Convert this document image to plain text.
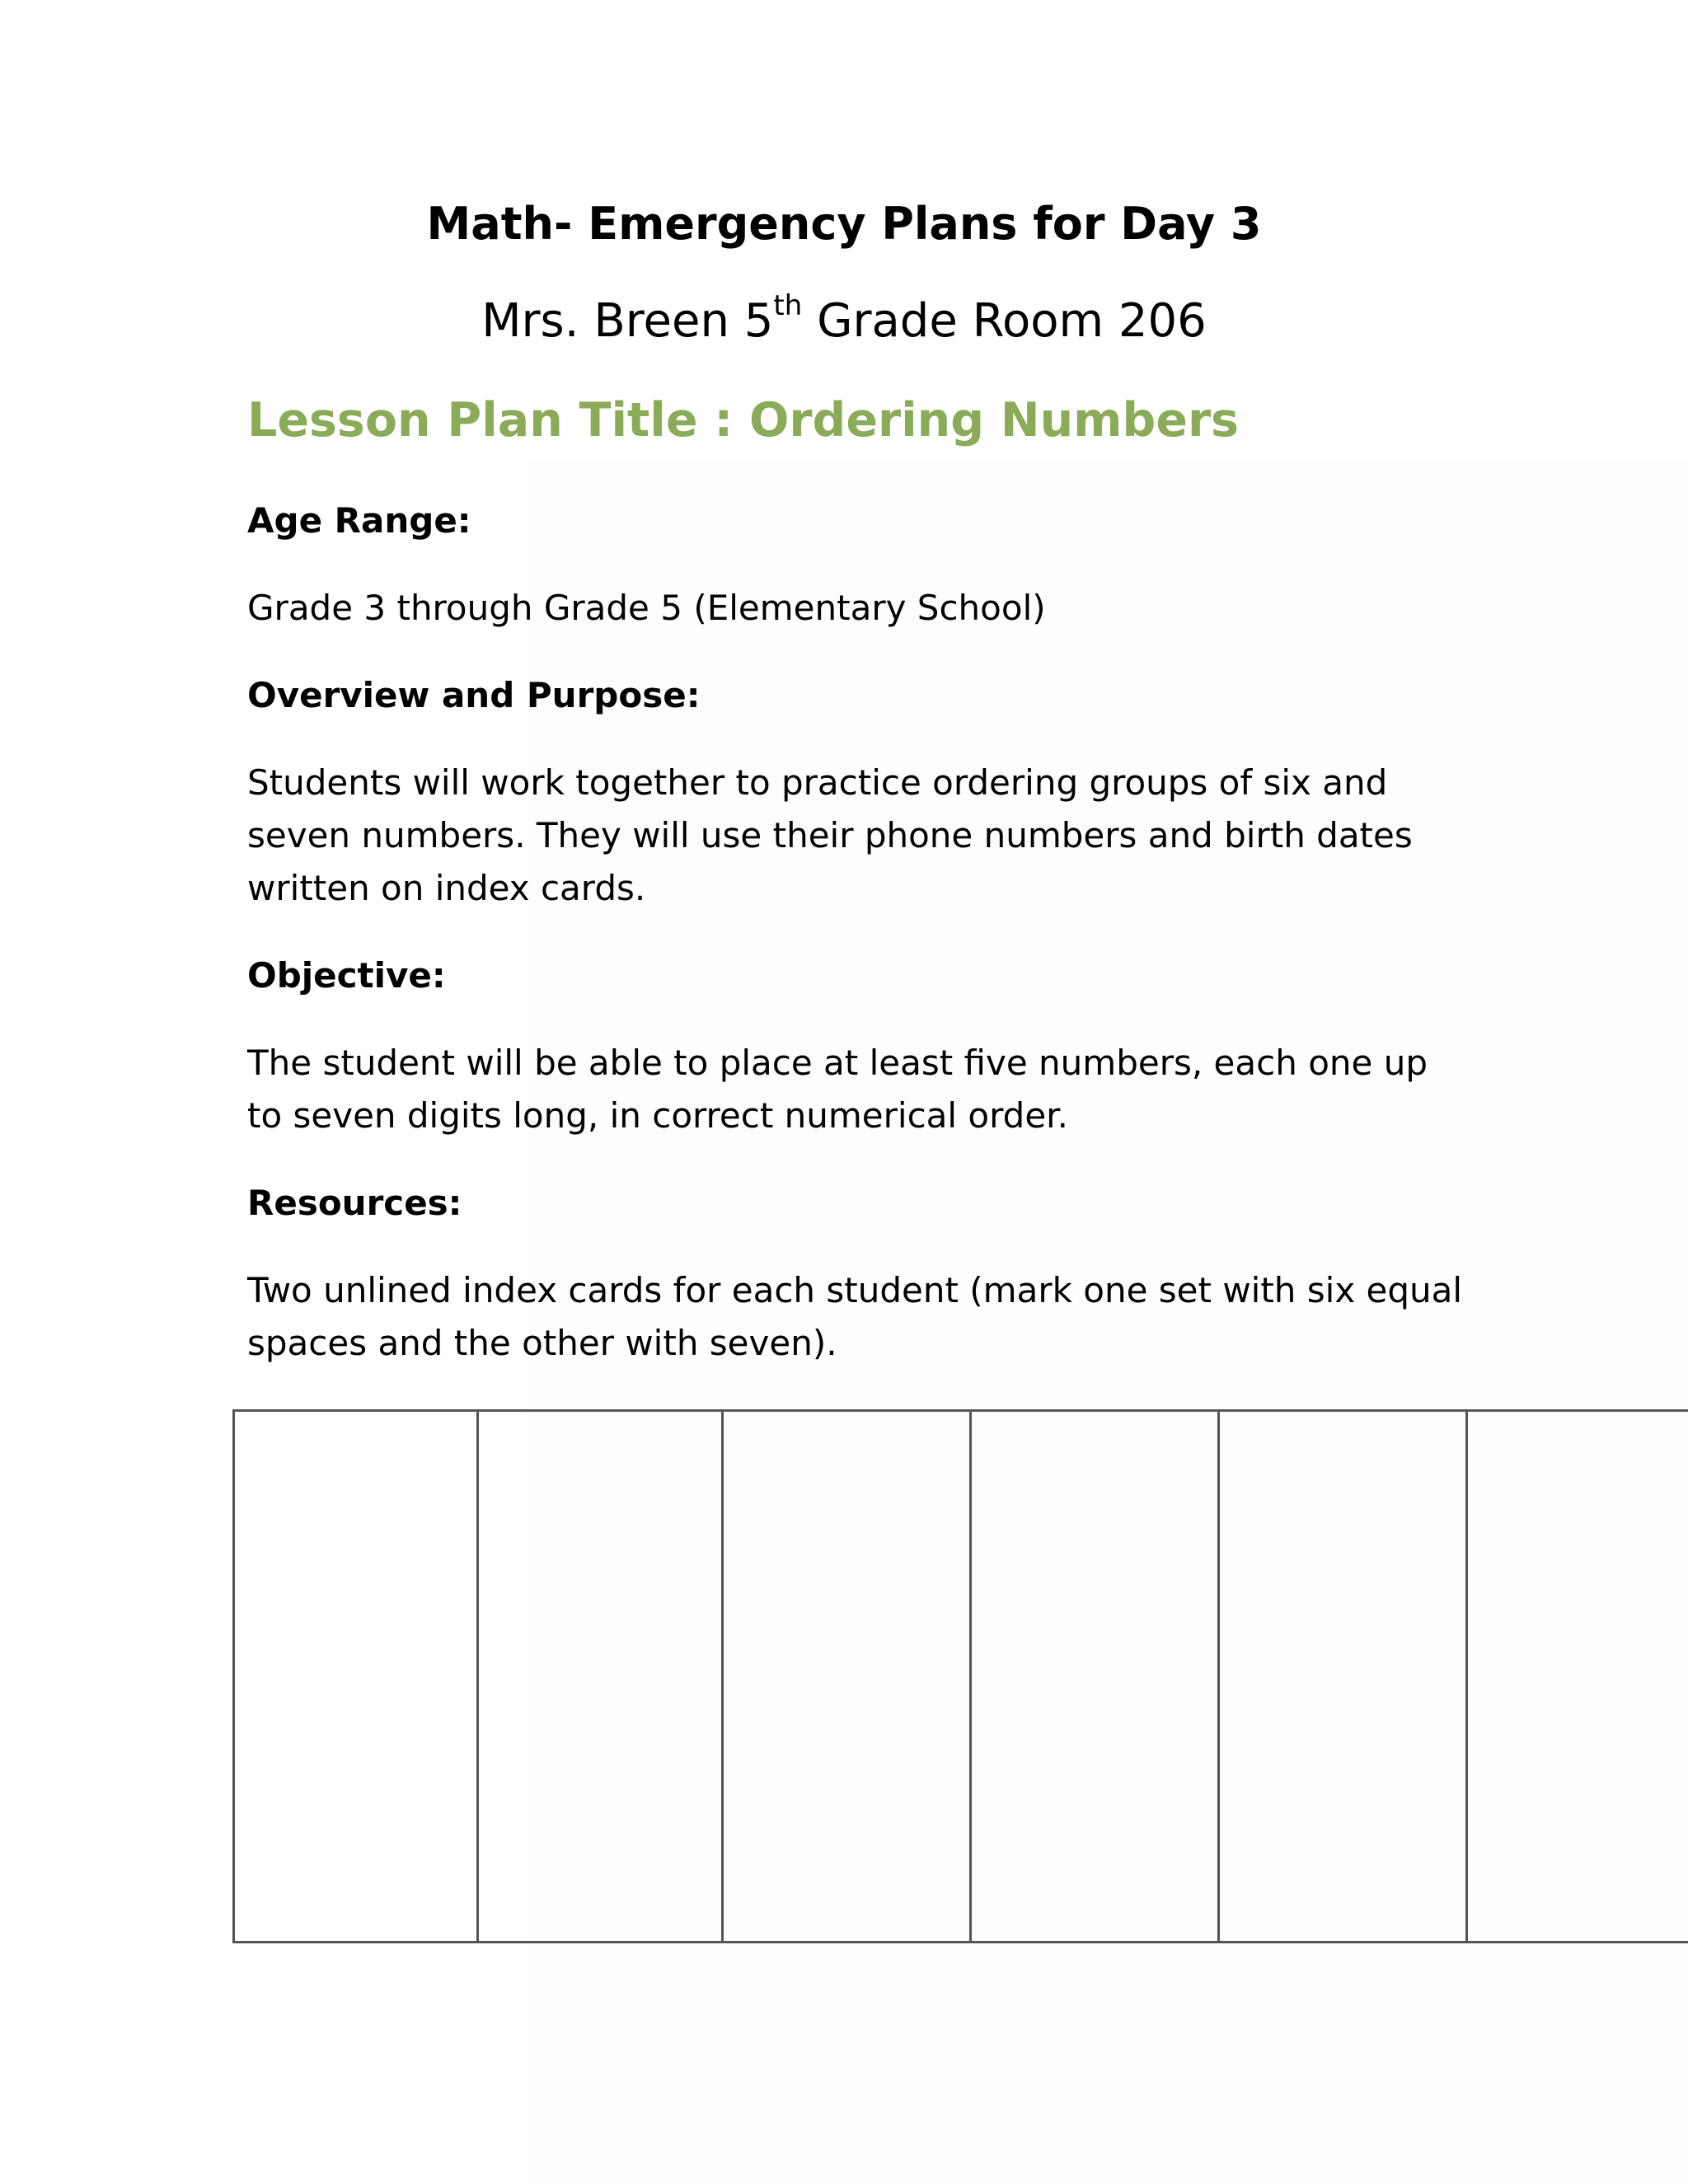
Math- Emergency Plans for Day 3

Mrs. Breen 5th Grade Room 206

Lesson Plan Title : Ordering Numbers
Age Range:

Grade 3 through Grade 5 (Elementary School)

Overview and Purpose:

Students will work together to practice ordering groups of six and seven numbers. They will use their phone numbers and birth dates written on index cards.

Objective:

The student will be able to place at least five numbers, each one up to seven digits long, in correct numerical order.

Resources:

Two unlined index cards for each student (mark one set with six equal spaces and the other with seven).
